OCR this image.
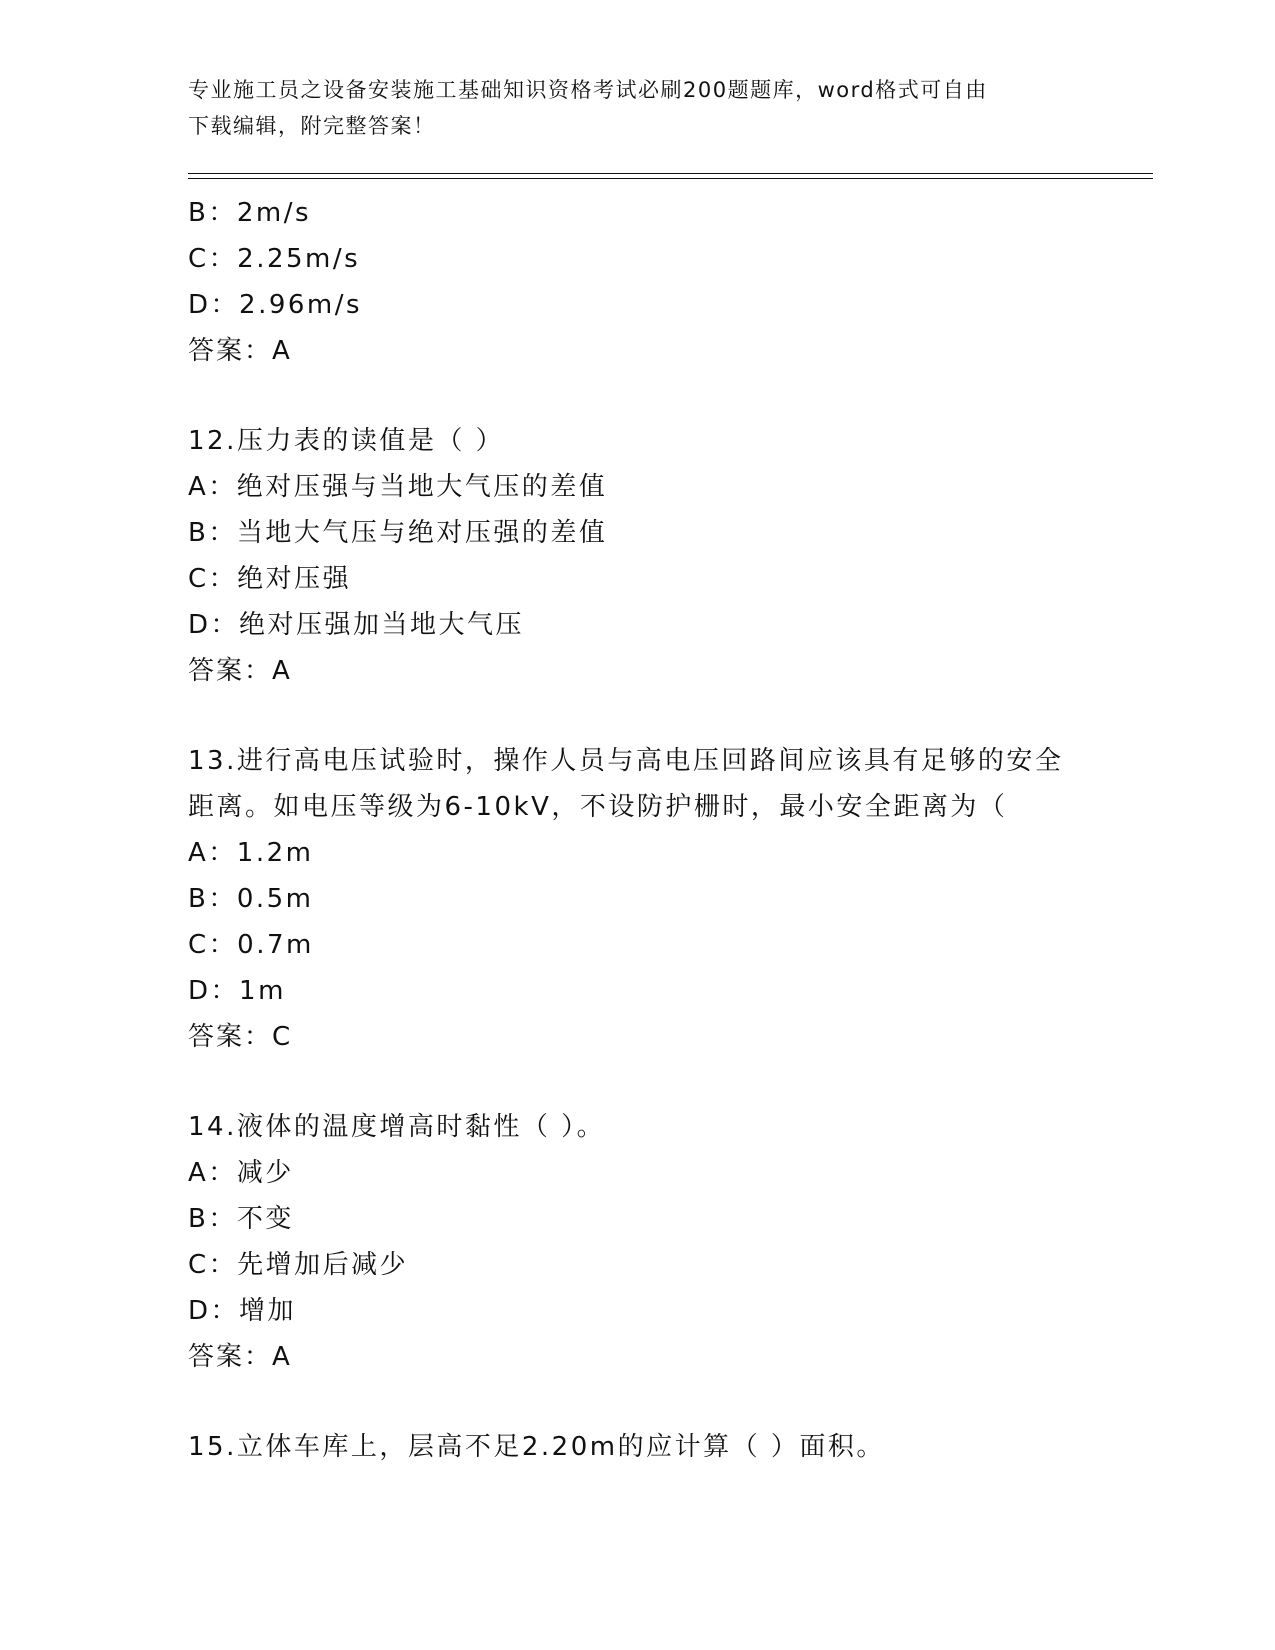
专业施工员之设备安装施工基础知识资格考试必刷200题题库，word格式可自由
下载编辑，附完整答案！
B：2m/s
C：2.25m/s
D：2.96m/s
答案：A
12.压力表的读值是（ ）
A：绝对压强与当地大气压的差值
B：当地大气压与绝对压强的差值
C：绝对压强
D：绝对压强加当地大气压
答案：A
13.进行高电压试验时，操作人员与高电压回路间应该具有足够的安全
距离。如电压等级为6-10kV，不设防护栅时，最小安全距离为（
A：1.2m
B：0.5m
C：0.7m
D：1m
答案：C
14.液体的温度增高时黏性（ ）。
A：减少
B：不变
C：先增加后减少
D：增加
答案：A
15.立体车库上，层高不足2.20m的应计算（ ）面积。
